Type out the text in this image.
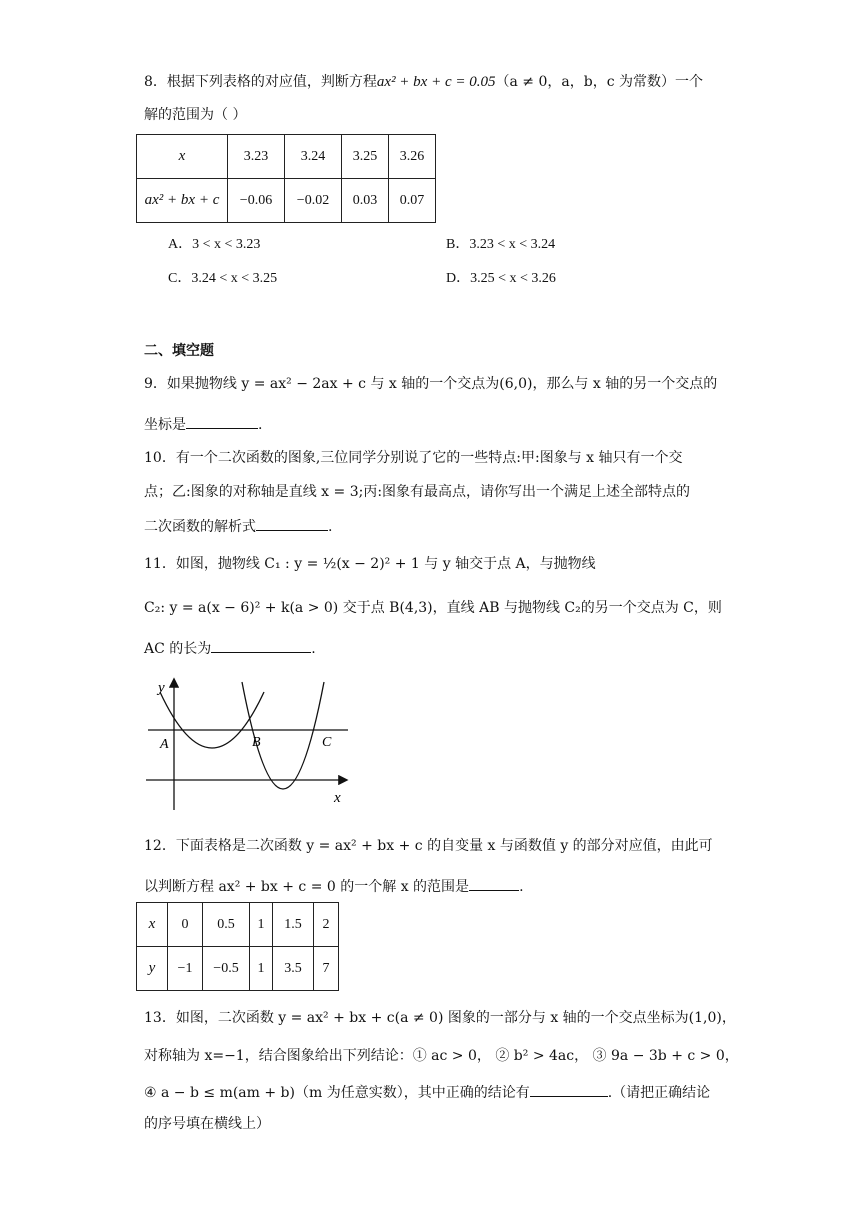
8．根据下列表格的对应值，判断方程ax² + bx + c = 0.05（a ≠ 0，a，b，c 为常数）一个
解的范围为（ ）
x	3.23	3.24	3.25	3.26
ax² + bx + c	−0.06	−0.02	0.03	0.07
A．3 < x < 3.23	B．3.23 < x < 3.24
C．3.24 < x < 3.25	D．3.25 < x < 3.26
二、填空题
9．如果抛物线 y = ax² − 2ax + c 与 x 轴的一个交点为(6,0)，那么与 x 轴的另一个交点的
坐标是	.
10．有一个二次函数的图象,三位同学分别说了它的一些特点:甲:图象与 x 轴只有一个交
点；乙:图象的对称轴是直线 x = 3;丙:图象有最高点，请你写出一个满足上述全部特点的
二次函数的解析式	.
11．如图，抛物线 C₁ : y = ½(x − 2)² + 1 与 y 轴交于点 A，与抛物线
C₂: y = a(x − 6)² + k(a > 0) 交于点 B(4,3)，直线 AB 与抛物线 C₂的另一个交点为 C，则
AC 的长为	.
y
x
A	B	C
12．下面表格是二次函数 y = ax² + bx + c 的自变量 x 与函数值 y 的部分对应值，由此可
以判断方程 ax² + bx + c = 0 的一个解 x 的范围是	.
x	0	0.5	1	1.5	2
y	−1	−0.5	1	3.5	7
13．如图，二次函数 y = ax² + bx + c(a ≠ 0) 图象的一部分与 x 轴的一个交点坐标为(1,0)，
对称轴为 x=−1，结合图象给出下列结论：① ac > 0， ② b² > 4ac， ③ 9a − 3b + c > 0，
④ a − b ≤ m(am + b)（m 为任意实数），其中正确的结论有	.（请把正确结论
的序号填在横线上）
